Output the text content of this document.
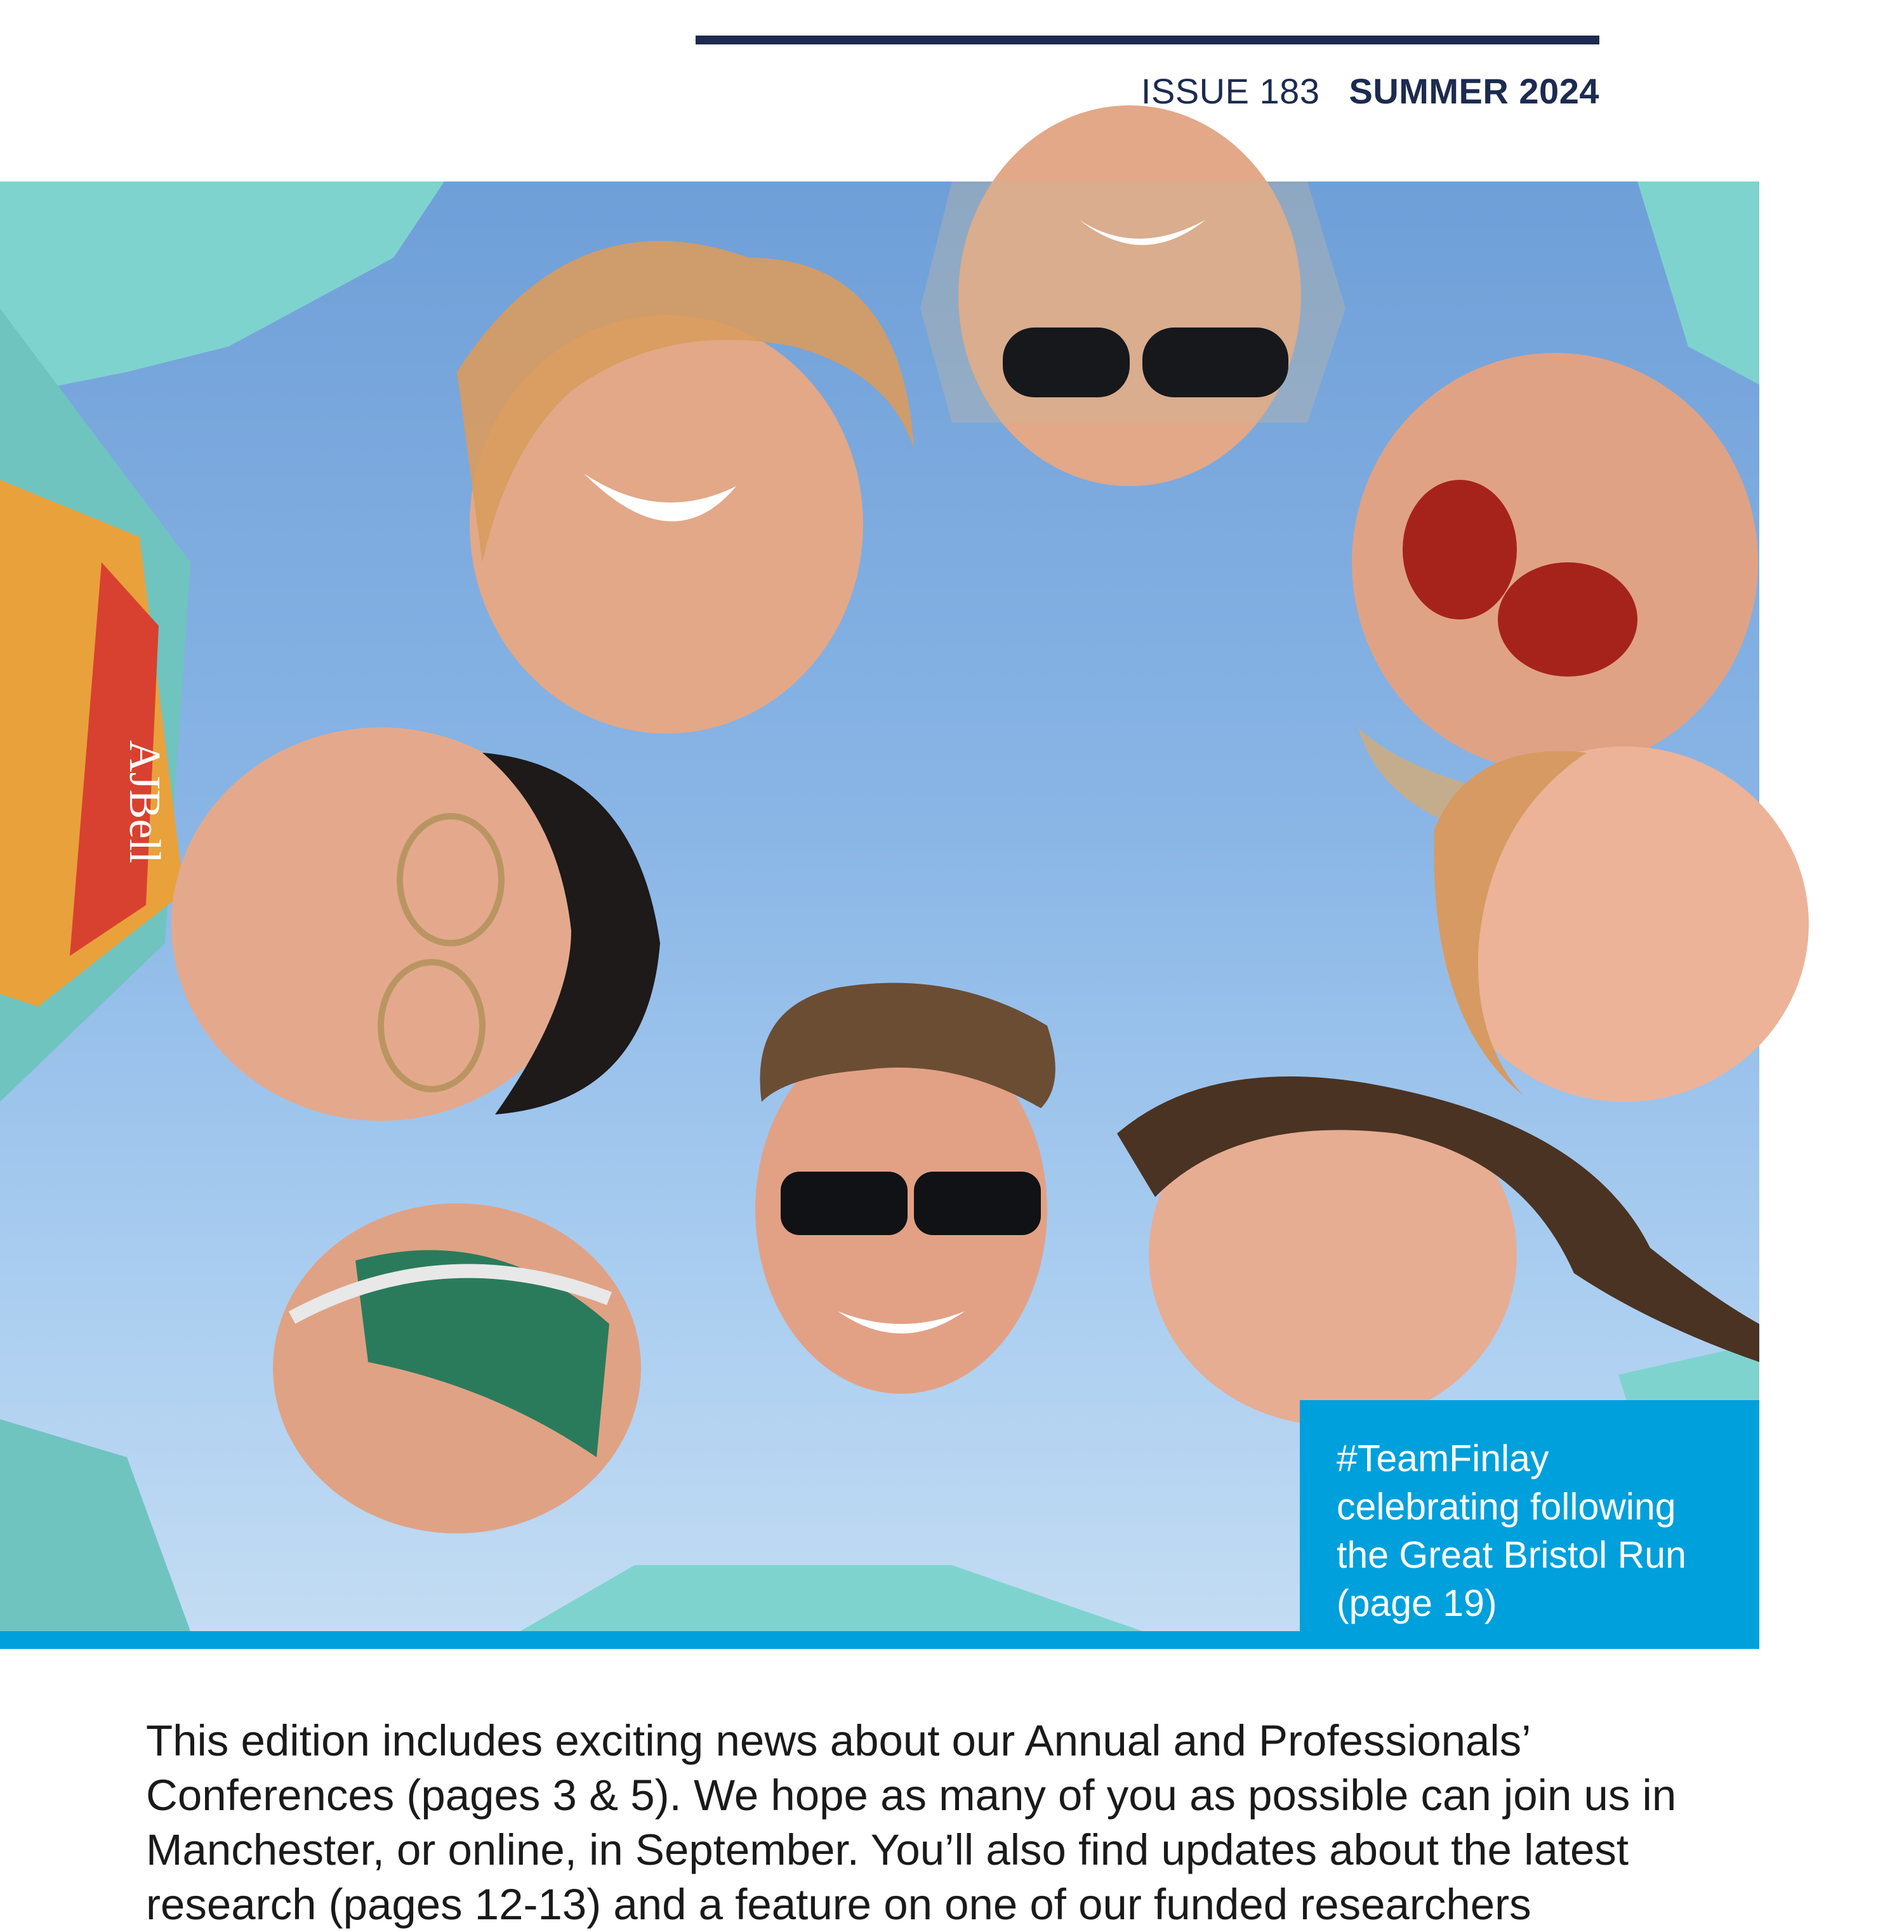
ISSUE 183 SUMMER 2024
AJBell

#TeamFinlay celebrating following the Great Bristol Run (page 19)

This edition includes exciting news about our Annual and Professionals’ Conferences (pages 3 & 5). We hope as many of you as possible can join us in Manchester, or online, in September. You’ll also find updates about the latest research (pages 12-13) and a feature on one of our funded researchers
